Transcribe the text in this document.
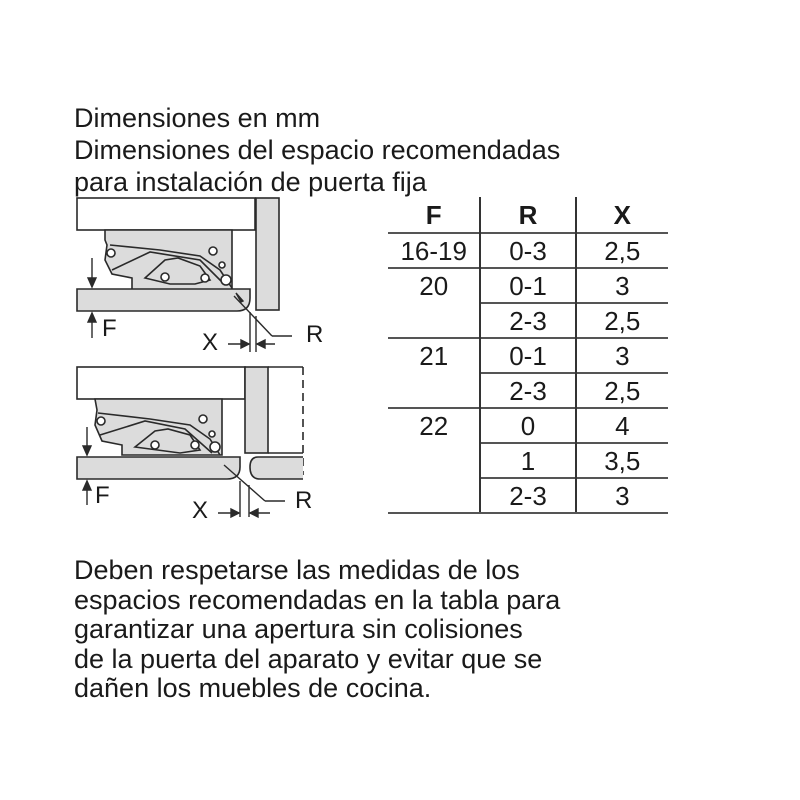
Dimensiones en mm
Dimensiones del espacio recomendadas
para instalación de puerta fija
F
X	R
F
X	R
F	R	X
16-19	0-3	2,5
20	0-1	3
	2-3	2,5
21	0-1	3
	2-3	2,5
22	0	4
	1	3,5
	2-3	3
Deben respetarse las medidas de los
espacios recomendadas en la tabla para
garantizar una apertura sin colisiones
de la puerta del aparato y evitar que se
dañen los muebles de cocina.
